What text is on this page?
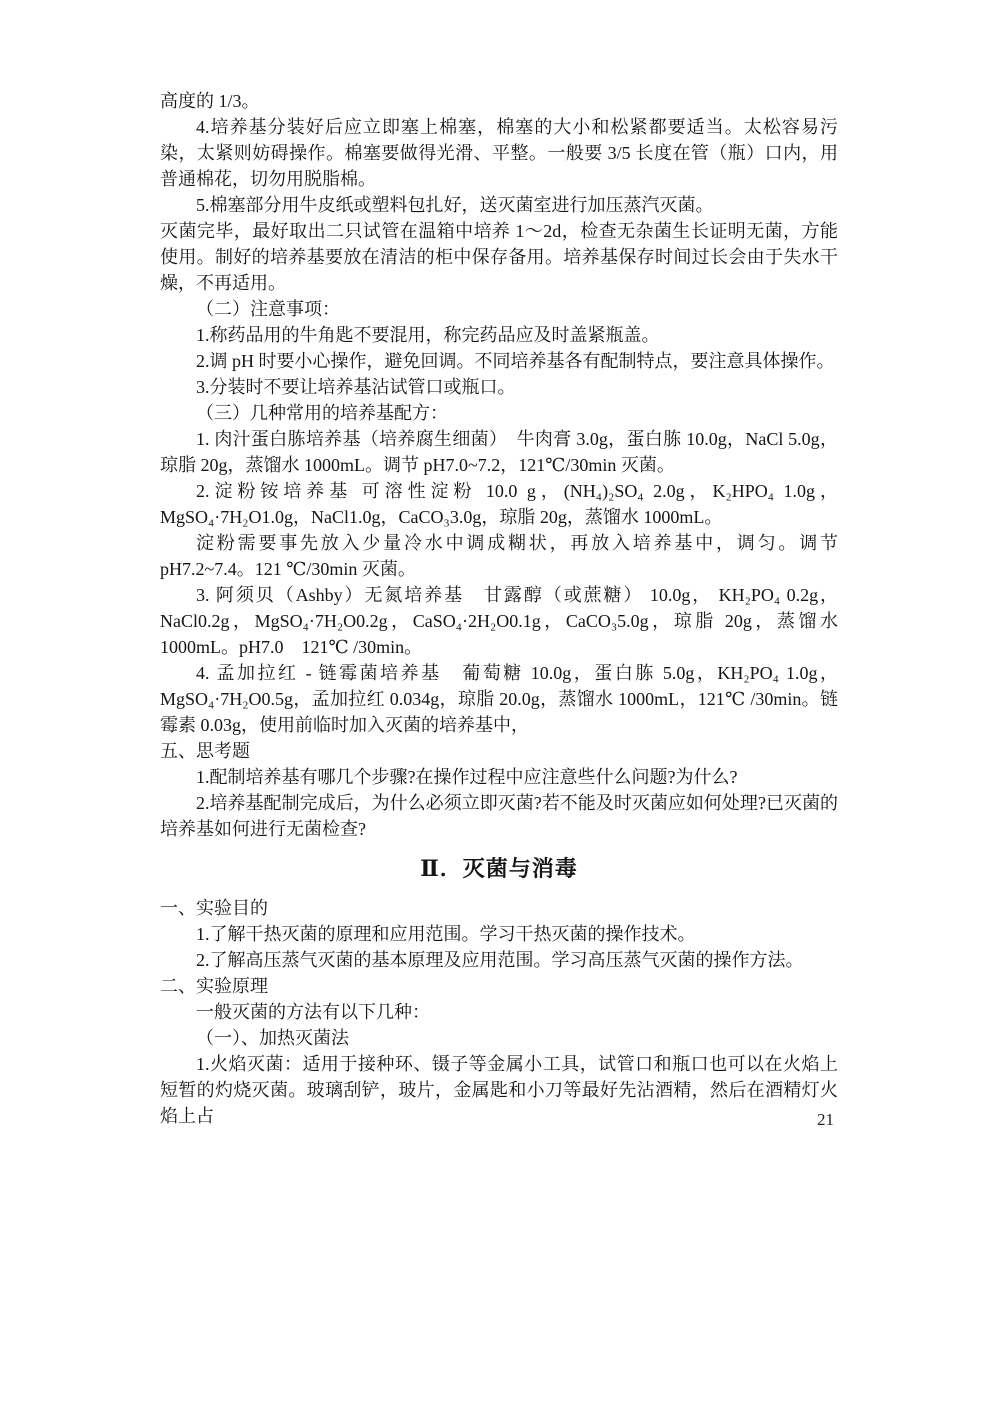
高度的 1/3。

4.培养基分装好后应立即塞上棉塞，棉塞的大小和松紧都要适当。太松容易污染，太紧则妨碍操作。棉塞要做得光滑、平整。一般要 3/5 长度在管（瓶）口内，用普通棉花，切勿用脱脂棉。

5.棉塞部分用牛皮纸或塑料包扎好，送灭菌室进行加压蒸汽灭菌。

灭菌完毕，最好取出二只试管在温箱中培养 1～2d，检查无杂菌生长证明无菌，方能使用。制好的培养基要放在清洁的柜中保存备用。培养基保存时间过长会由于失水干燥，不再适用。

（二）注意事项：

1.称药品用的牛角匙不要混用，称完药品应及时盖紧瓶盖。

2.调 pH 时要小心操作，避免回调。不同培养基各有配制特点，要注意具体操作。

3.分装时不要让培养基沾试管口或瓶口。

（三）几种常用的培养基配方：

1. 肉汁蛋白胨培养基（培养腐生细菌）　牛肉膏 3.0g，蛋白胨 10.0g，NaCl 5.0g，琼脂 20g，蒸馏水 1000mL。调节 pH7.0~7.2，121℃/30min 灭菌。

2.淀粉铵培养基 可溶性淀粉 10.0 g，(NH₄)₂SO₄ 2.0g，K₂HPO₄ 1.0g，MgSO₄·7H₂O1.0g，NaCl1.0g，CaCO₃3.0g，琼脂 20g，蒸馏水 1000mL。

淀粉需要事先放入少量冷水中调成糊状，再放入培养基中，调匀。调节 pH7.2~7.4。121 ℃/30min 灭菌。

3. 阿须贝（Ashby）无氮培养基　甘露醇（或蔗糖） 10.0g， KH₂PO₄ 0.2g，NaCl0.2g，MgSO₄·7H₂O0.2g，CaSO₄·2H₂O0.1g，CaCO₃5.0g，琼脂 20g，蒸馏水 1000mL。pH7.0　121℃ /30min。

4. 孟加拉红 - 链霉菌培养基　葡萄糖 10.0g，蛋白胨 5.0g，KH₂PO₄ 1.0g，MgSO₄·7H₂O0.5g，孟加拉红 0.034g，琼脂 20.0g，蒸馏水 1000mL，121℃ /30min。链霉素 0.03g，使用前临时加入灭菌的培养基中，

五、思考题

1.配制培养基有哪几个步骤?在操作过程中应注意些什么问题?为什么?

2.培养基配制完成后，为什么必须立即灭菌?若不能及时灭菌应如何处理?已灭菌的培养基如何进行无菌检查?

Ⅱ．灭菌与消毒

一、实验目的

1.了解干热灭菌的原理和应用范围。学习干热灭菌的操作技术。

2.了解高压蒸气灭菌的基本原理及应用范围。学习高压蒸气灭菌的操作方法。

二、实验原理

一般灭菌的方法有以下几种：

（一）、加热灭菌法

1.火焰灭菌：适用于接种环、镊子等金属小工具，试管口和瓶口也可以在火焰上短暂的灼烧灭菌。玻璃刮铲，玻片，金属匙和小刀等最好先沾酒精，然后在酒精灯火焰上占	21
